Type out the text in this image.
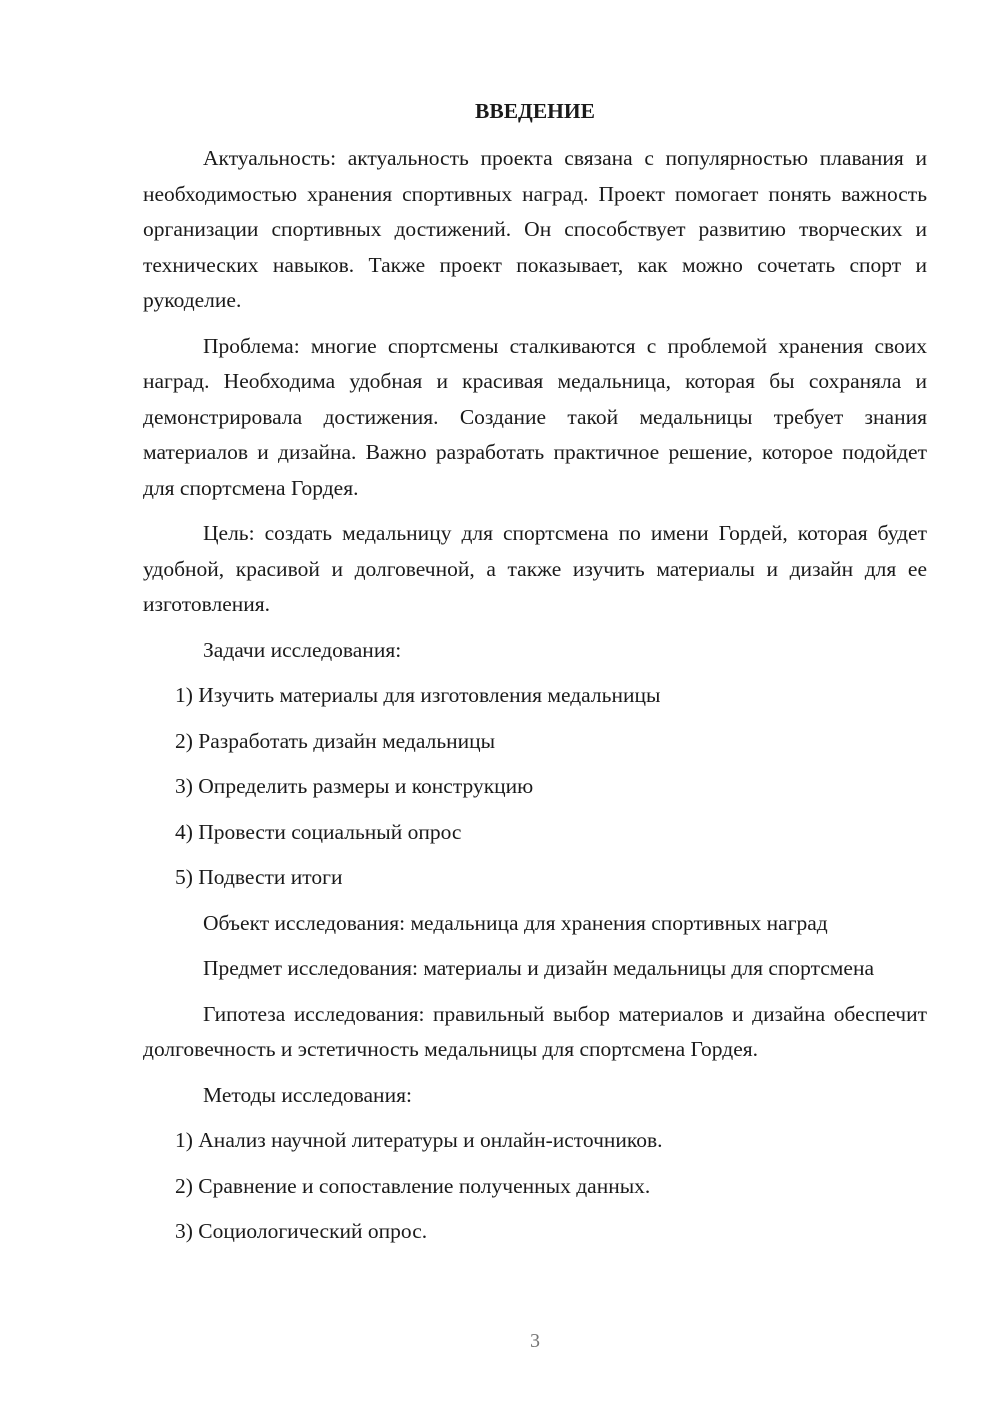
ВВЕДЕНИЕ

Актуальность: актуальность проекта связана с популярностью плавания и необходимостью хранения спортивных наград. Проект помогает понять важность организации спортивных достижений. Он способствует развитию творческих и технических навыков. Также проект показывает, как можно сочетать спорт и рукоделие.

Проблема: многие спортсмены сталкиваются с проблемой хранения своих наград. Необходима удобная и красивая медальница, которая бы сохраняла и демонстрировала достижения. Создание такой медальницы требует знания материалов и дизайна. Важно разработать практичное решение, которое подойдет для спортсмена Гордея.

Цель: создать медальницу для спортсмена по имени Гордей, которая будет удобной, красивой и долговечной, а также изучить материалы и дизайн для ее изготовления.

Задачи исследования:

1) Изучить материалы для изготовления медальницы
2) Разработать дизайн медальницы
3) Определить размеры и конструкцию
4) Провести социальный опрос
5) Подвести итоги

Объект исследования: медальница для хранения спортивных наград

Предмет исследования: материалы и дизайн медальницы для спортсмена

Гипотеза исследования: правильный выбор материалов и дизайна обеспечит долговечность и эстетичность медальницы для спортсмена Гордея.

Методы исследования:

1) Анализ научной литературы и онлайн-источников.
2) Сравнение и сопоставление полученных данных.
3) Социологический опрос.
3
